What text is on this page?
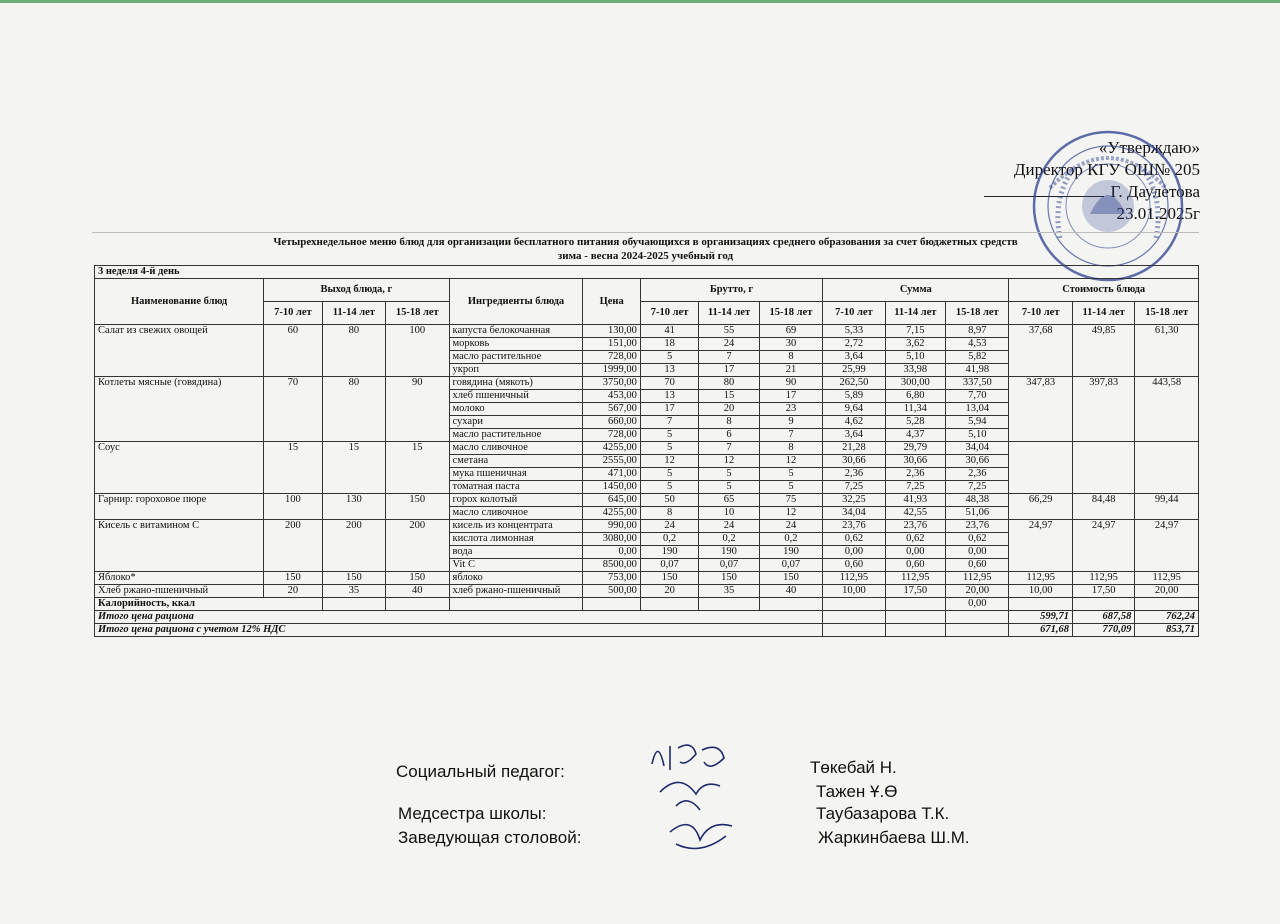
«Утверждаю»
Директор КГУ ОШ№ 205
Г. Даулетова
23.01.2025г
Четырехнедельное меню блюд для организации бесплатного питания обучающихся в организациях среднего образования за счет бюджетных средств
зима - весна 2024-2025 учебный год
3 неделя 4-й день														
Наименование блюд	Выход блюда, г			Ингредиенты блюда	Цена	Брутто, г			Сумма			Стоимость блюда		
	7-10 лет	11-14 лет	15-18 лет			7-10 лет	11-14 лет	15-18 лет	7-10 лет	11-14 лет	15-18 лет	7-10 лет	11-14 лет	15-18 лет
Салат из свежих овощей	60	80	100	капуста белокочанная	130,00	41	55	69	5,33	7,15	8,97	37,68	49,85	61,30
				морковь	151,00	18	24	30	2,72	3,62	4,53			
				масло растительное	728,00	5	7	8	3,64	5,10	5,82			
				укроп	1999,00	13	17	21	25,99	33,98	41,98			
Котлеты мясные (говядина)	70	80	90	говядина (мякоть)	3750,00	70	80	90	262,50	300,00	337,50	347,83	397,83	443,58
				хлеб пшеничный	453,00	13	15	17	5,89	6,80	7,70			
				молоко	567,00	17	20	23	9,64	11,34	13,04			
				сухари	660,00	7	8	9	4,62	5,28	5,94			
				масло растительное	728,00	5	6	7	3,64	4,37	5,10			
Соус	15	15	15	масло сливочное	4255,00	5	7	8	21,28	29,79	34,04			
				сметана	2555,00	12	12	12	30,66	30,66	30,66			
				мука пшеничная	471,00	5	5	5	2,36	2,36	2,36			
				томатная паста	1450,00	5	5	5	7,25	7,25	7,25			
Гарнир: гороховое пюре	100	130	150	горох колотый	645,00	50	65	75	32,25	41,93	48,38	66,29	84,48	99,44
				масло сливочное	4255,00	8	10	12	34,04	42,55	51,06			
Кисель с витамином С	200	200	200	кисель из концентрата	990,00	24	24	24	23,76	23,76	23,76	24,97	24,97	24,97
				кислота лимонная	3080,00	0,2	0,2	0,2	0,62	0,62	0,62			
				вода	0,00	190	190	190	0,00	0,00	0,00			
				Vit C	8500,00	0,07	0,07	0,07	0,60	0,60	0,60			
Яблоко*	150	150	150	яблоко	753,00	150	150	150	112,95	112,95	112,95	112,95	112,95	112,95
Хлеб ржано-пшеничный	20	35	40	хлеб ржано-пшеничный	500,00	20	35	40	10,00	17,50	20,00	10,00	17,50	20,00
Калорийность, ккал											0,00			
Итого цена рациона												599,71	687,58	762,24
Итого цена рациона с учетом 12% НДС												671,68	770,09	853,71
Социальный педагог:	Төкебай Н.
Тажен Ұ.Ө
Медсестра школы:	Таубазарова Т.К.
Заведующая столовой:	Жаркинбаева Ш.М.
